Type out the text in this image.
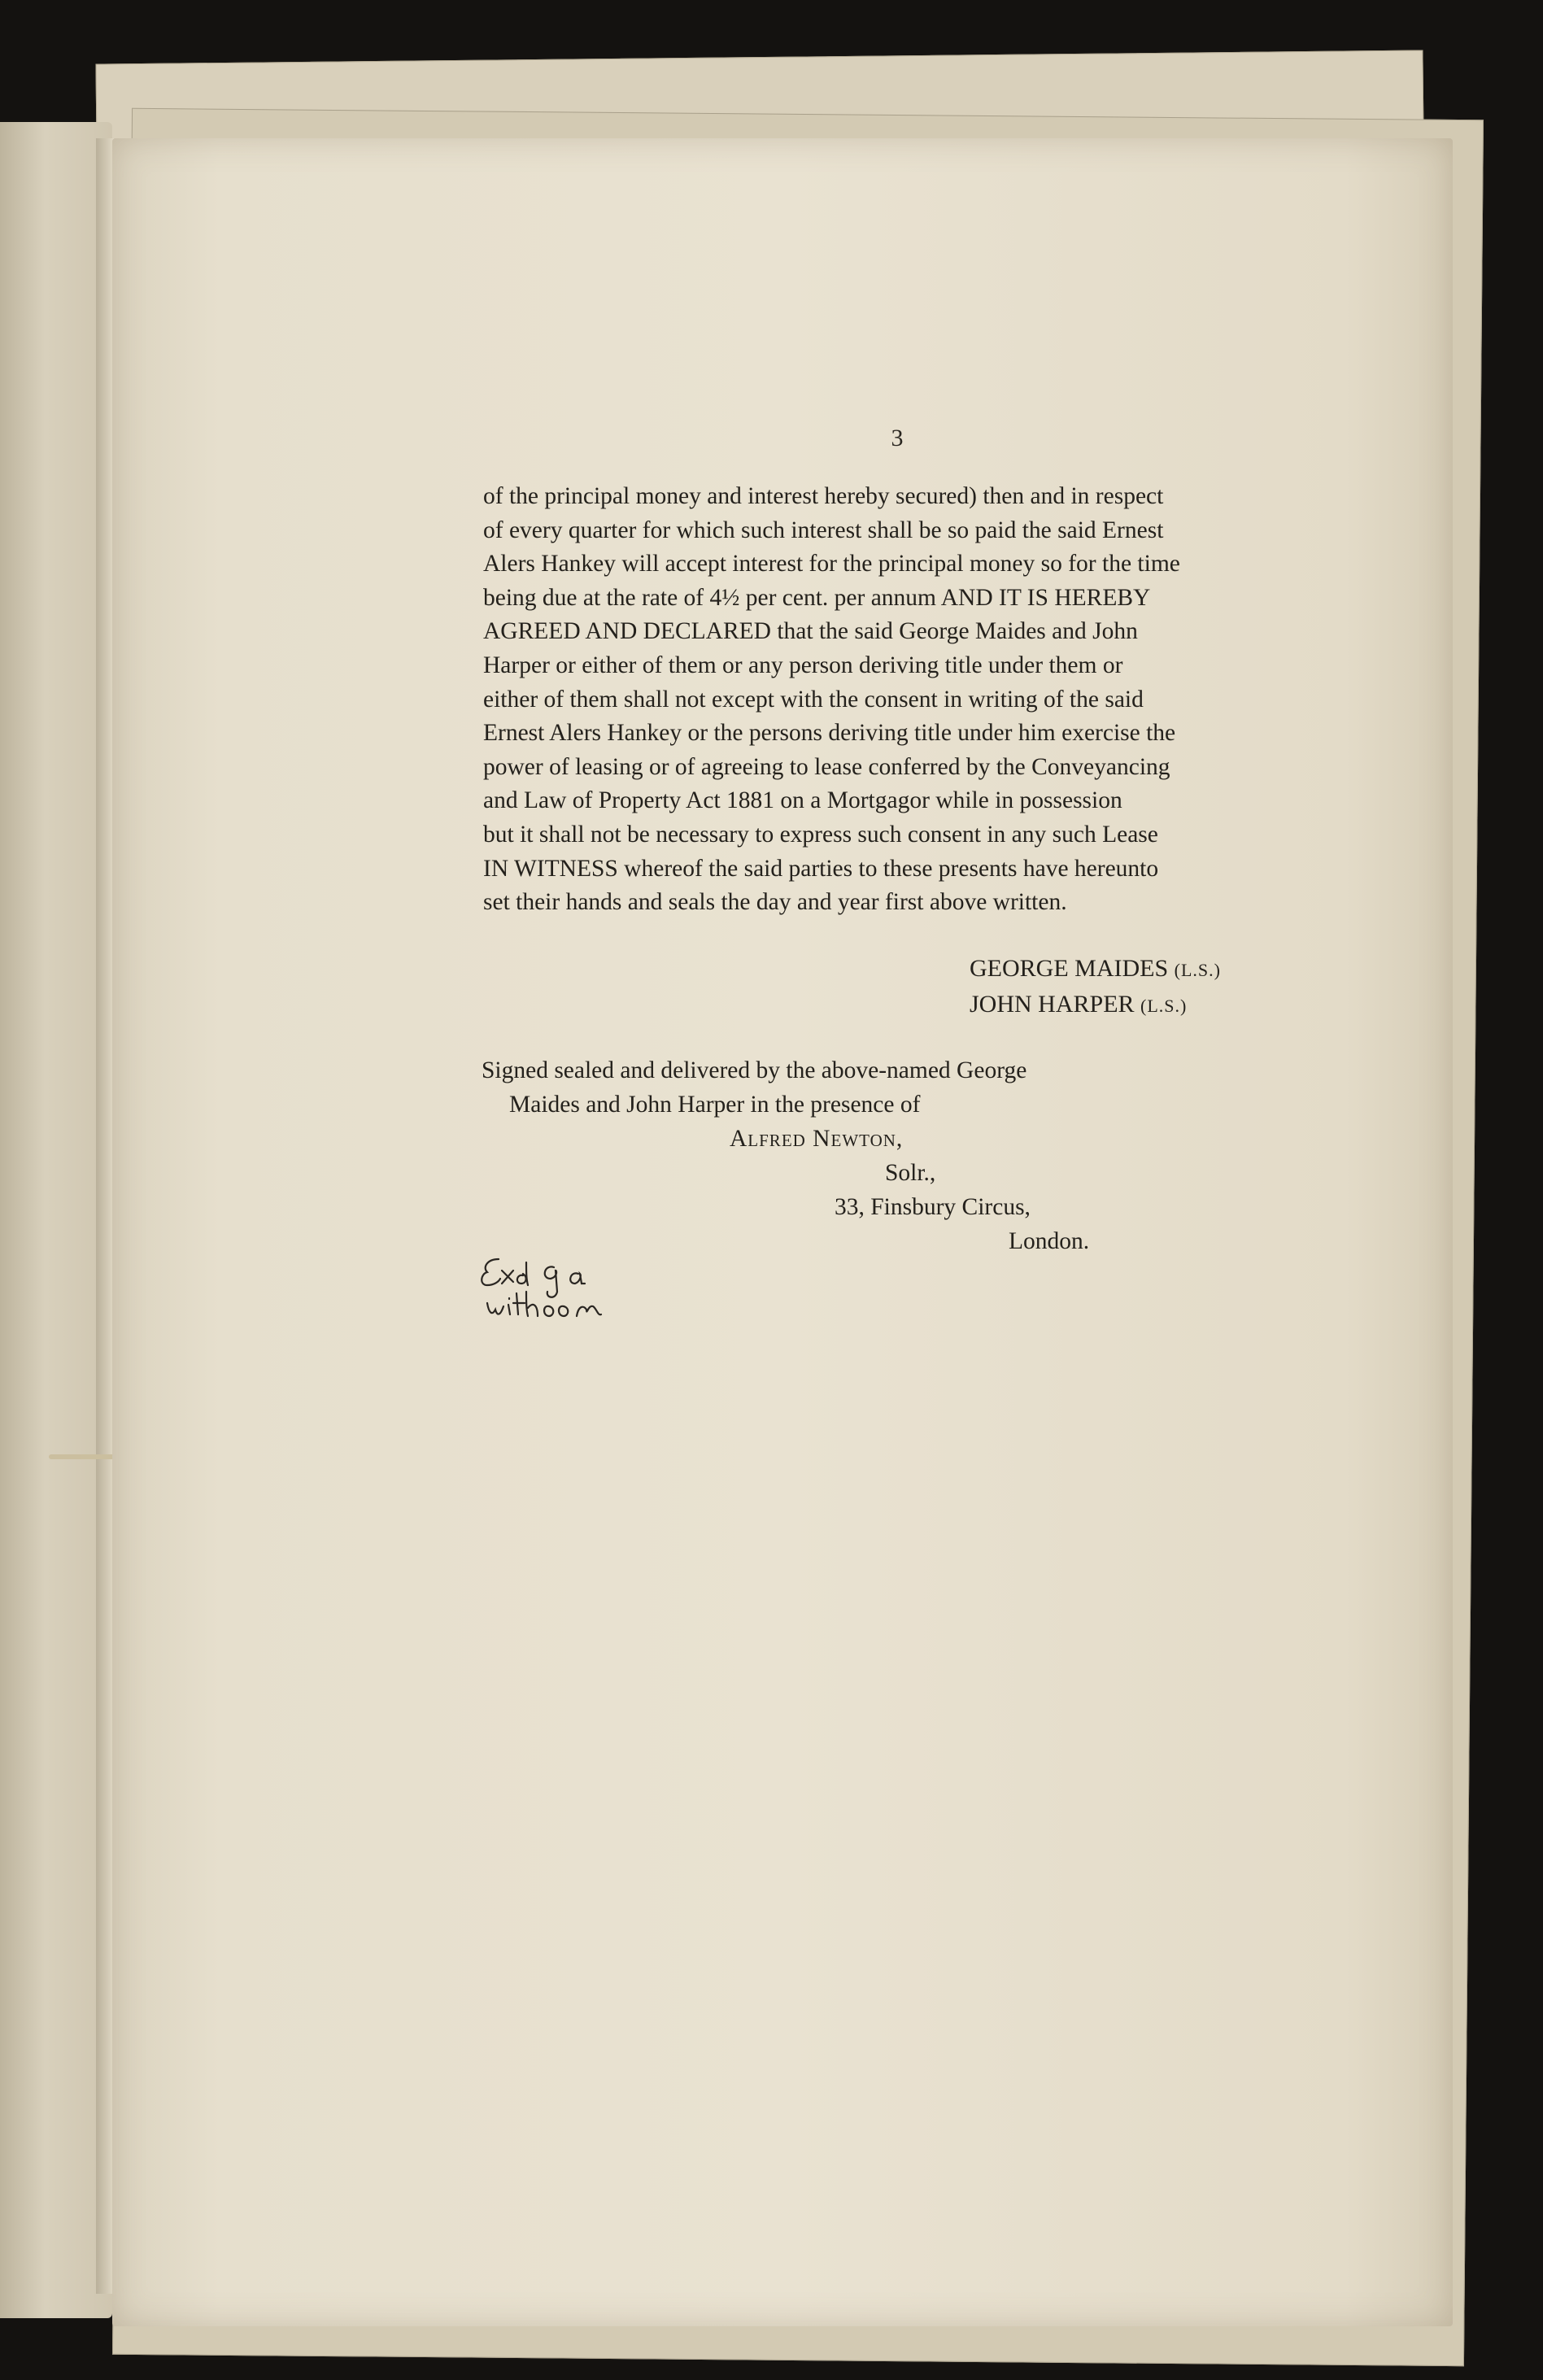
3

of the principal money and interest hereby secured) then and in respect

of every quarter for which such interest shall be so paid the said Ernest

Alers Hankey will accept interest for the principal money so for the time

being due at the rate of 4½ per cent. per annum AND IT IS HEREBY

AGREED AND DECLARED that the said George Maides and John

Harper or either of them or any person deriving title under them or

either of them shall not except with the consent in writing of the said

Ernest Alers Hankey or the persons deriving title under him exercise the

power of leasing or of agreeing to lease conferred by the Conveyancing

and Law of Property Act 1881 on a Mortgagor while in possession

but it shall not be necessary to express such consent in any such Lease

IN WITNESS whereof the said parties to these presents have hereunto

set their hands and seals the day and year first above written.

GEORGE MAIDES (L.S.)
JOHN HARPER (L.S.)
Signed sealed and delivered by the above-named George
Maides and John Harper in the presence of
Alfred Newton,
Solr.,
33, Finsbury Circus,
London.
